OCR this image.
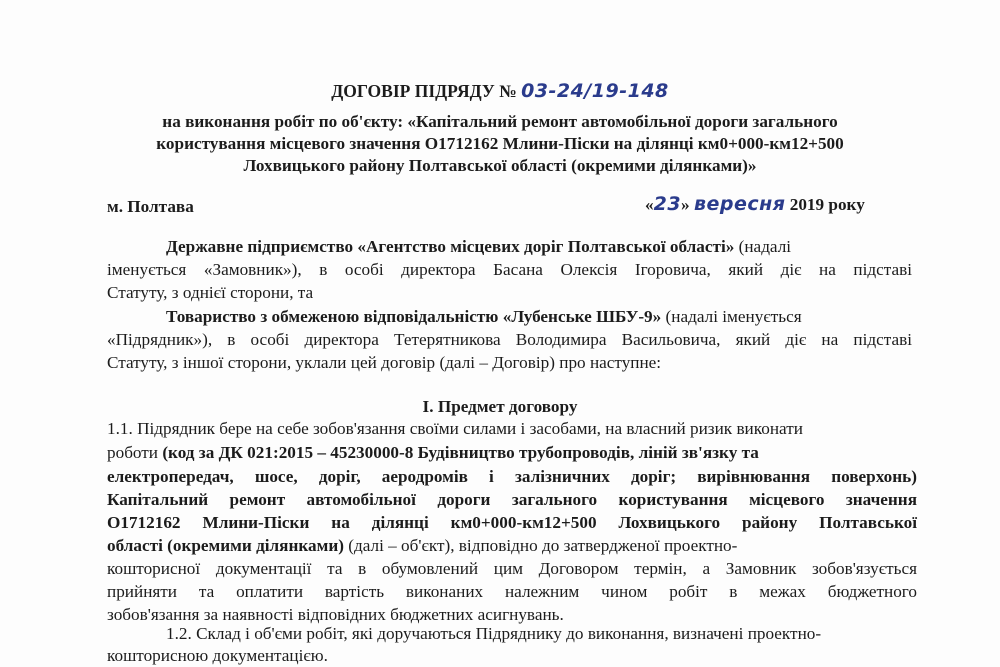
ДОГОВІР ПІДРЯДУ № 03-24/19-148
на виконання робіт по об'єкту: «Капітальний ремонт автомобільної дороги загального
користування місцевого значення О1712162 Млини-Піски на ділянці км0+000-км12+500
Лохвицького району Полтавської області (окремими ділянками)»
м. Полтава	«23» вересня 2019 року
Державне підприємство «Агентство місцевих доріг Полтавської області» (надалі
іменується «Замовник»), в особі директора Басана Олексія Ігоровича, який діє на підставі
Статуту, з однієї сторони, та
Товариство з обмеженою відповідальністю «Лубенське ШБУ-9» (надалі іменується
«Підрядник»), в особі директора Тетерятникова Володимира Васильовича, який діє на підставі
Статуту, з іншої сторони, уклали цей договір (далі – Договір) про наступне:
І. Предмет договору
1.1. Підрядник бере на себе зобов'язання своїми силами і засобами, на власний ризик виконати
роботи (код за ДК 021:2015 – 45230000-8 Будівництво трубопроводів, ліній зв'язку та
електропередач, шосе, доріг, аеродромів і залізничних доріг; вирівнювання поверхонь)
Капітальний ремонт автомобільної дороги загального користування місцевого значення
О1712162 Млини-Піски на ділянці км0+000-км12+500 Лохвицького району Полтавської
області (окремими ділянками) (далі – об'єкт), відповідно до затвердженої проектно-
кошторисної документації та в обумовлений цим Договором термін, а Замовник зобов'язується
прийняти та оплатити вартість виконаних належним чином робіт в межах бюджетного
зобов'язання за наявності відповідних бюджетних асигнувань.
1.2. Склад і об'єми робіт, які доручаються Підряднику до виконання, визначені проектно-
кошторисною документацією.
